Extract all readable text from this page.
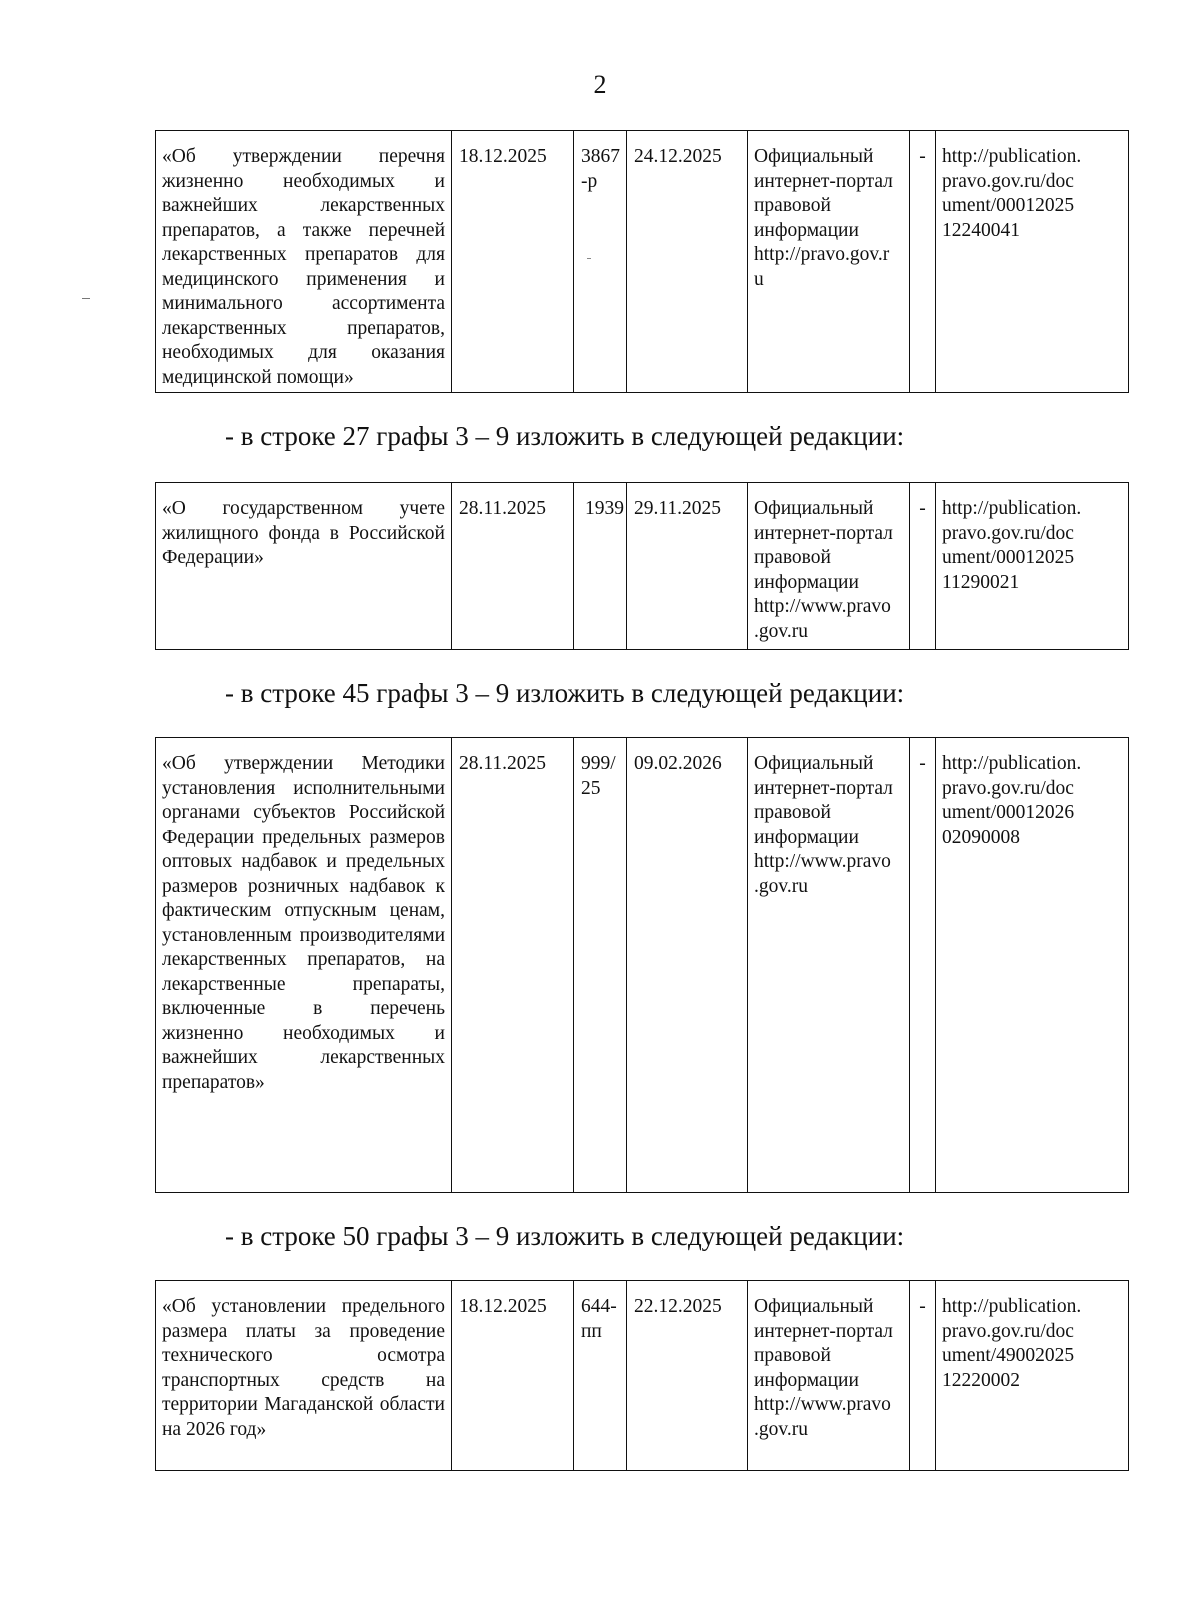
2
«Об утверждении перечня жизненно необходимых и важнейших лекарственных препаратов, а также перечней лекарственных препаратов для медицинского применения и минимального ассортимента лекарственных препаратов, необходимых для оказания медицинской помощи»	18.12.2025	3867
-р
	24.12.2025	Официальный
интернет-портал
правовой
информации
http://pravo.gov.r
u
	-	http://publication.
pravo.gov.ru/doc
ument/00012025
12240041
- в строке 27 графы 3 – 9 изложить в следующей редакции:
«О государственном учете жилищного фонда в Российской Федерации»	28.11.2025	1939	29.11.2025	Официальный
интернет-портал
правовой
информации
http://www.pravo
.gov.ru
	-	http://publication.
pravo.gov.ru/doc
ument/00012025
11290021
- в строке 45 графы 3 – 9 изложить в следующей редакции:
«Об утверждении Методики установления исполнительными органами субъектов Российской Федерации предельных размеров оптовых надбавок и предельных размеров розничных надбавок к фактическим отпускным ценам, установленным производителями лекарственных препаратов, на лекарственные препараты, включенные в перечень жизненно необходимых и важнейших лекарственных препаратов»	28.11.2025	999/
25
	09.02.2026	Официальный
интернет-портал
правовой
информации
http://www.pravo
.gov.ru
	-	http://publication.
pravo.gov.ru/doc
ument/00012026
02090008
- в строке 50 графы 3 – 9 изложить в следующей редакции:
«Об установлении предельного размера платы за проведение технического осмотра транспортных средств на территории Магаданской области на 2026 год»	18.12.2025	644-
пп
	22.12.2025	Официальный
интернет-портал
правовой
информации
http://www.pravo
.gov.ru
	-	http://publication.
pravo.gov.ru/doc
ument/49002025
12220002
